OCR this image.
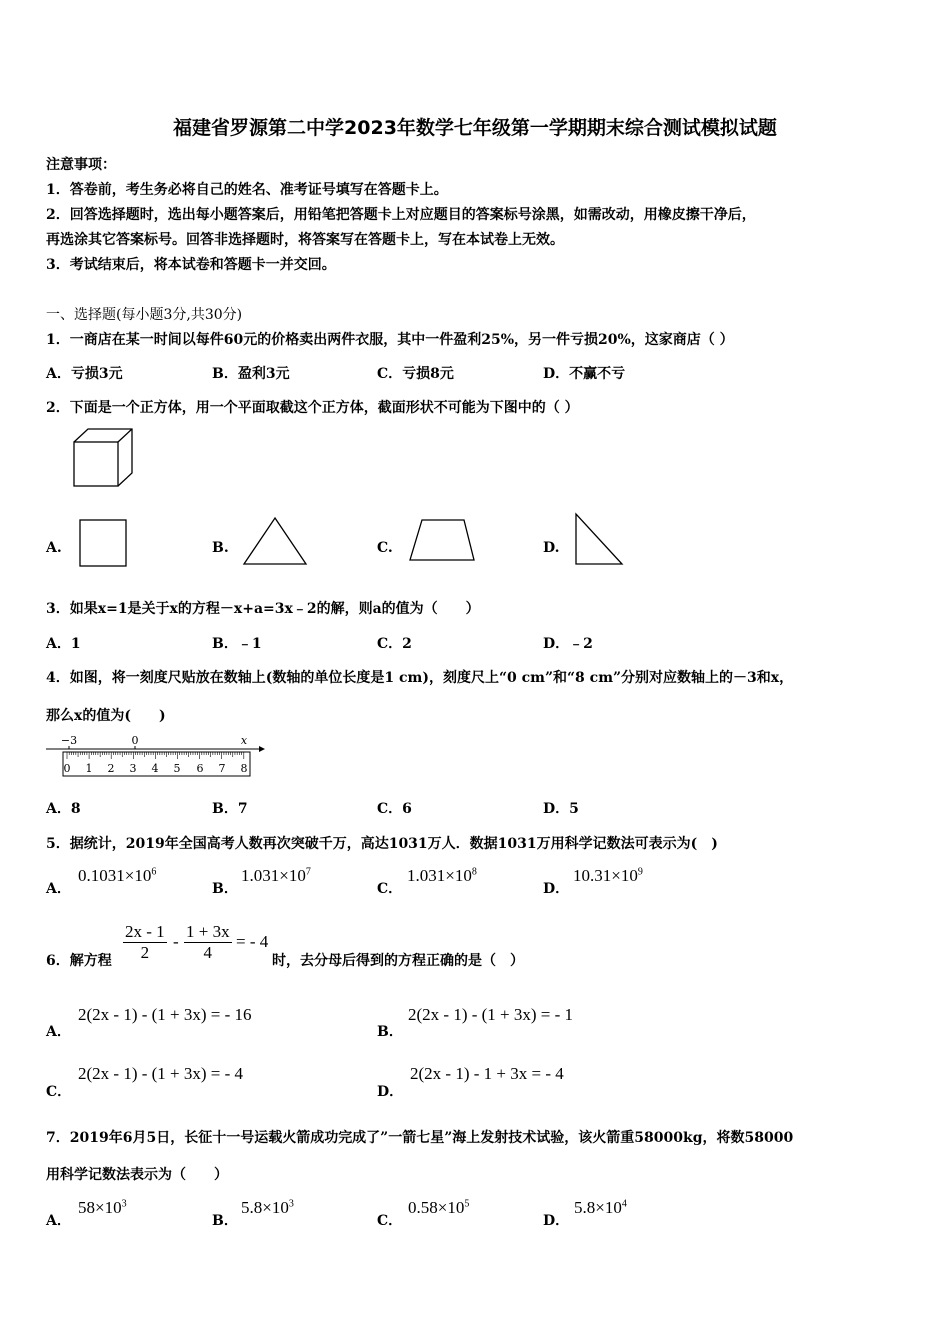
福建省罗源第二中学2023年数学七年级第一学期期末综合测试模拟试题
注意事项：
1．答卷前，考生务必将自己的姓名、准考证号填写在答题卡上。
2．回答选择题时，选出每小题答案后，用铅笔把答题卡上对应题目的答案标号涂黑，如需改动，用橡皮擦干净后，
再选涂其它答案标号。回答非选择题时，将答案写在答题卡上，写在本试卷上无效。
3．考试结束后，将本试卷和答题卡一并交回。
一、选择题(每小题3分,共30分)
1．一商店在某一时间以每件60元的价格卖出两件衣服，其中一件盈利25%，另一件亏损20%，这家商店（ ）
A．亏损3元	B．盈利3元	C．亏损8元	D．不赢不亏
2．下面是一个正方体，用一个平面取截这个正方体，截面形状不可能为下图中的（ ）
A.	B.	C.	D.
3．如果x=1是关于x的方程－x+a=3x﹣2的解，则a的值为（　　）
A．1	B．﹣1	C．2	D．﹣2
4．如图，将一刻度尺贴放在数轴上(数轴的单位长度是1 cm)，刻度尺上“0 cm”和“8 cm”分别对应数轴上的－3和x，
那么x的值为(　　)
−3	0	x
0 1 2 3 4 5 6 7 8
A．8	B．7	C．6	D．5
5．据统计，2019年全国高考人数再次突破千万，高达1031万人．数据1031万用科学记数法可表示为(　)
A．
$0.1031\times 10^6$
B．
$1.031\times 10^7$
C．
$1.031\times 10^8$
D．
$10.31\times 10^9$
6．解方程 $\frac{2x - 1}{2} - \frac{1 + 3x}{4}$ = - 4
时，去分母后得到的方程正确的是（　）
A．
2(2x - 1) - (1 + 3x) = - 16
B．
2(2x - 1) - (1 + 3x) = - 1
C．
2(2x - 1) - (1 + 3x) = - 4
D．
2(2x - 1) - 1 + 3x = - 4
7．2019年6月5日，长征十一号运载火箭成功完成了”一箭七星”海上发射技术试验，该火箭重58000kg，将数58000
用科学记数法表示为（　　）
A．
$58\times 10^3$
B．
$5.8\times 10^3$
C．
$0.58\times 10^5$
D．
$5.8\times 10^4$
